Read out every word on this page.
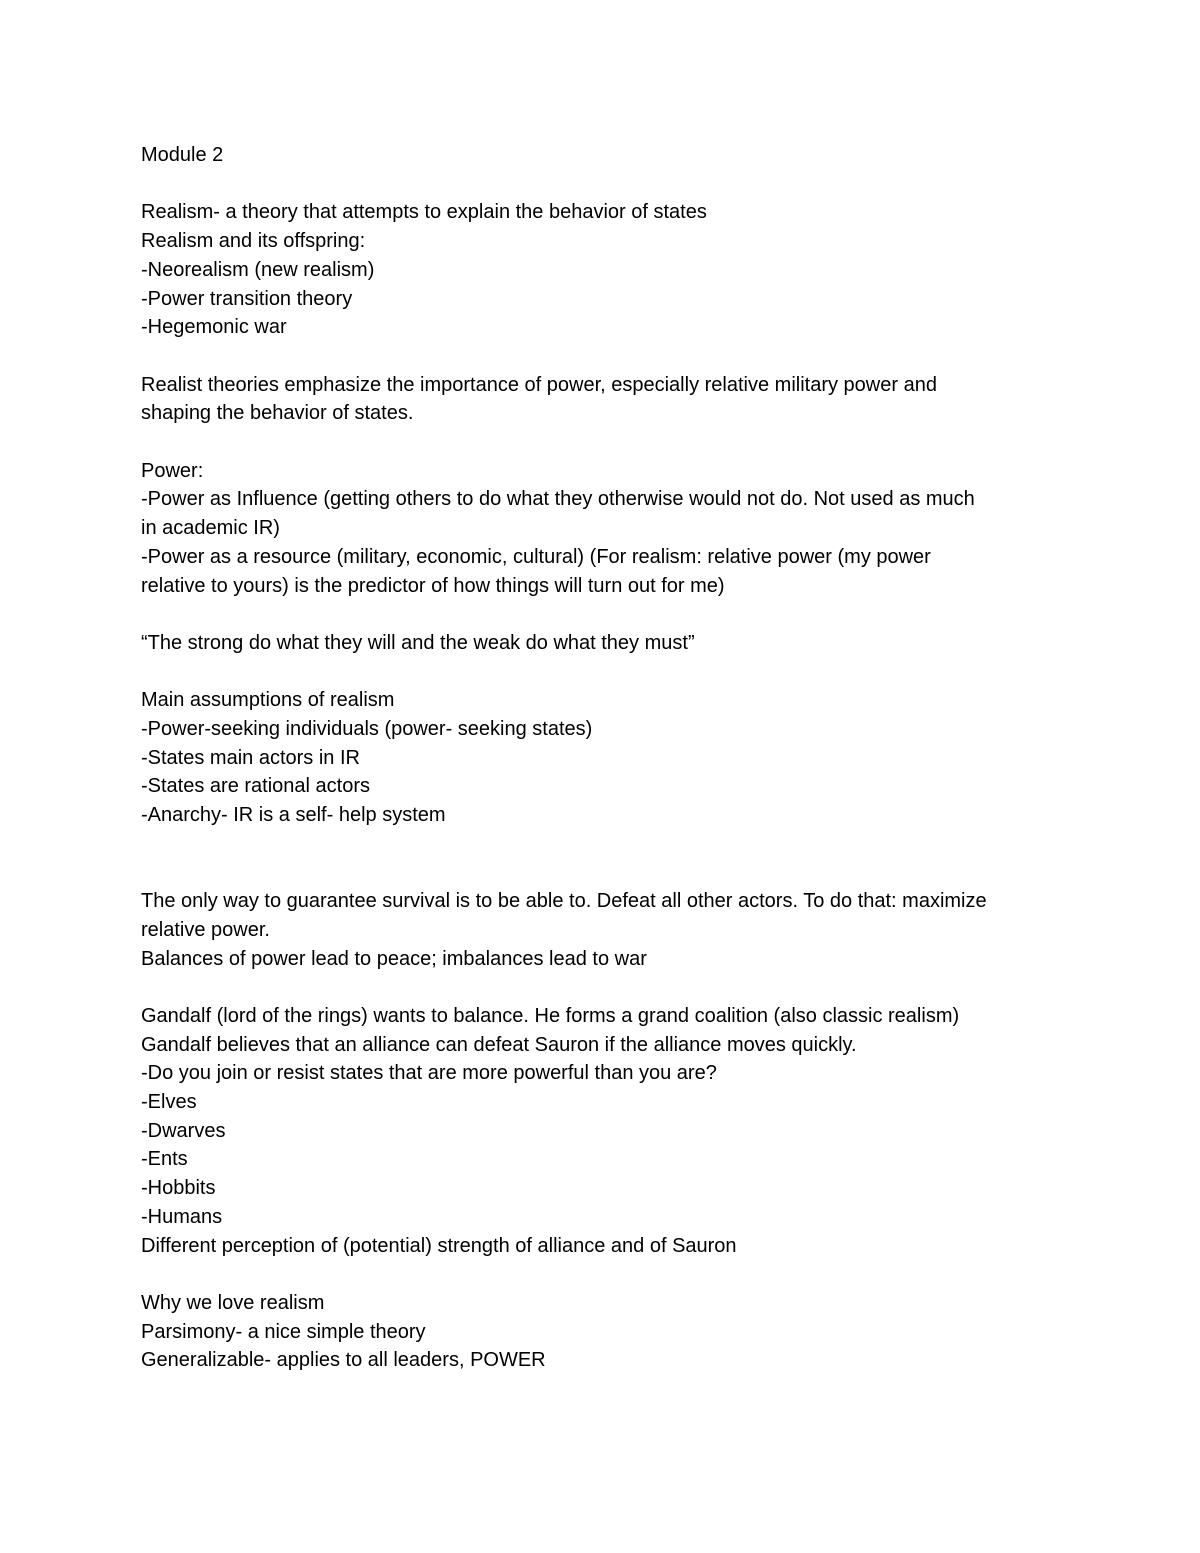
Module 2
Realism- a theory that attempts to explain the behavior of states
Realism and its offspring:
-Neorealism (new realism)
-Power transition theory
-Hegemonic war
Realist theories emphasize the importance of power, especially relative military power and
shaping the behavior of states.
Power:
-Power as Influence (getting others to do what they otherwise would not do. Not used as much
in academic IR)
-Power as a resource (military, economic, cultural) (For realism: relative power (my power
relative to yours) is the predictor of how things will turn out for me)
“The strong do what they will and the weak do what they must”
Main assumptions of realism
-Power-seeking individuals (power- seeking states)
-States main actors in IR
-States are rational actors
-Anarchy- IR is a self- help system
The only way to guarantee survival is to be able to. Defeat all other actors. To do that: maximize
relative power.
Balances of power lead to peace; imbalances lead to war
Gandalf (lord of the rings) wants to balance. He forms a grand coalition (also classic realism)
Gandalf believes that an alliance can defeat Sauron if the alliance moves quickly.
-Do you join or resist states that are more powerful than you are?
-Elves
-Dwarves
-Ents
-Hobbits
-Humans
Different perception of (potential) strength of alliance and of Sauron
Why we love realism
Parsimony- a nice simple theory
Generalizable- applies to all leaders, POWER
